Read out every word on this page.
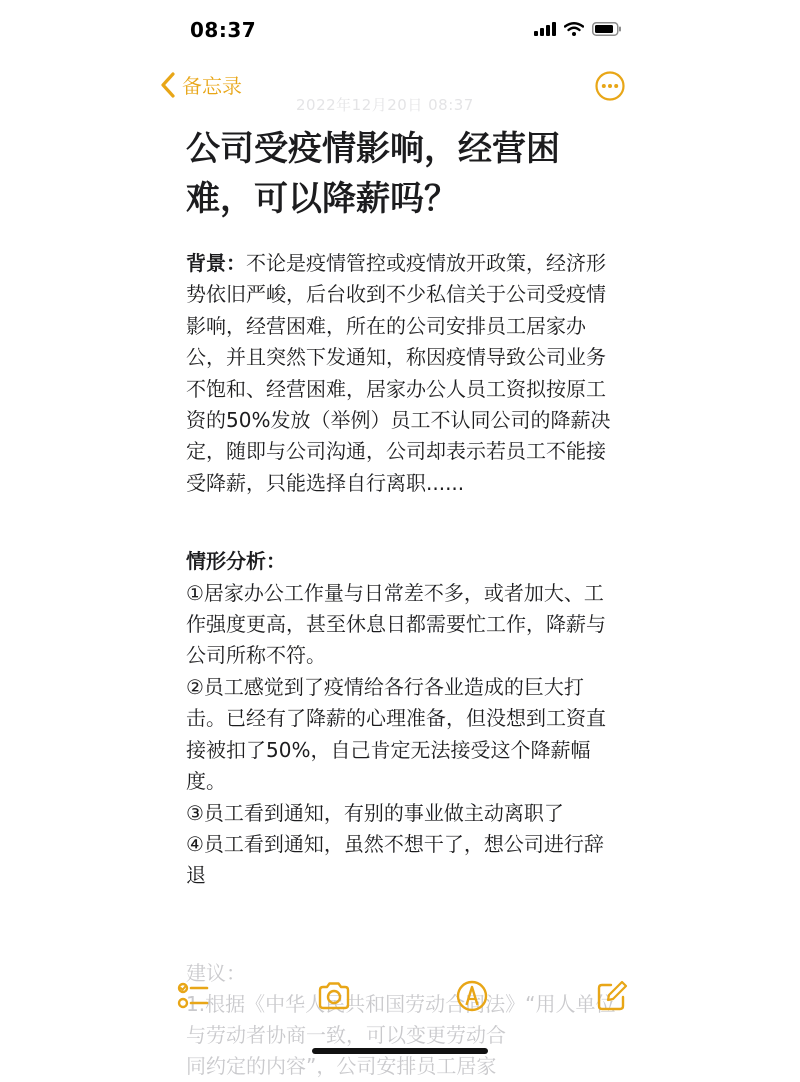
08:37
备忘录
2022年12月20日 08:37
公司受疫情影响，经营困难，可以降薪吗？

背景：不论是疫情管控或疫情放开政策，经济形势依旧严峻，后台收到不少私信关于公司受疫情影响，经营困难，所在的公司安排员工居家办公，并且突然下发通知，称因疫情导致公司业务不饱和、经营困难，居家办公人员工资拟按原工资的50%发放（举例）员工不认同公司的降薪决定，随即与公司沟通，公司却表示若员工不能接受降薪，只能选择自行离职......

情形分析：

①居家办公工作量与日常差不多，或者加大、工作强度更高，甚至休息日都需要忙工作，降薪与公司所称不符。

②员工感觉到了疫情给各行各业造成的巨大打击。已经有了降薪的心理准备，但没想到工资直接被扣了50%，自己肯定无法接受这个降薪幅度。

③员工看到通知，有别的事业做主动离职了

④员工看到通知，虽然不想干了，想公司进行辞退

建议：

1.根据《中华人民共和国劳动合同法》“用人单位与劳动者协商一致，可以变更劳动合

同约定的内容”，公司安排员工居家
